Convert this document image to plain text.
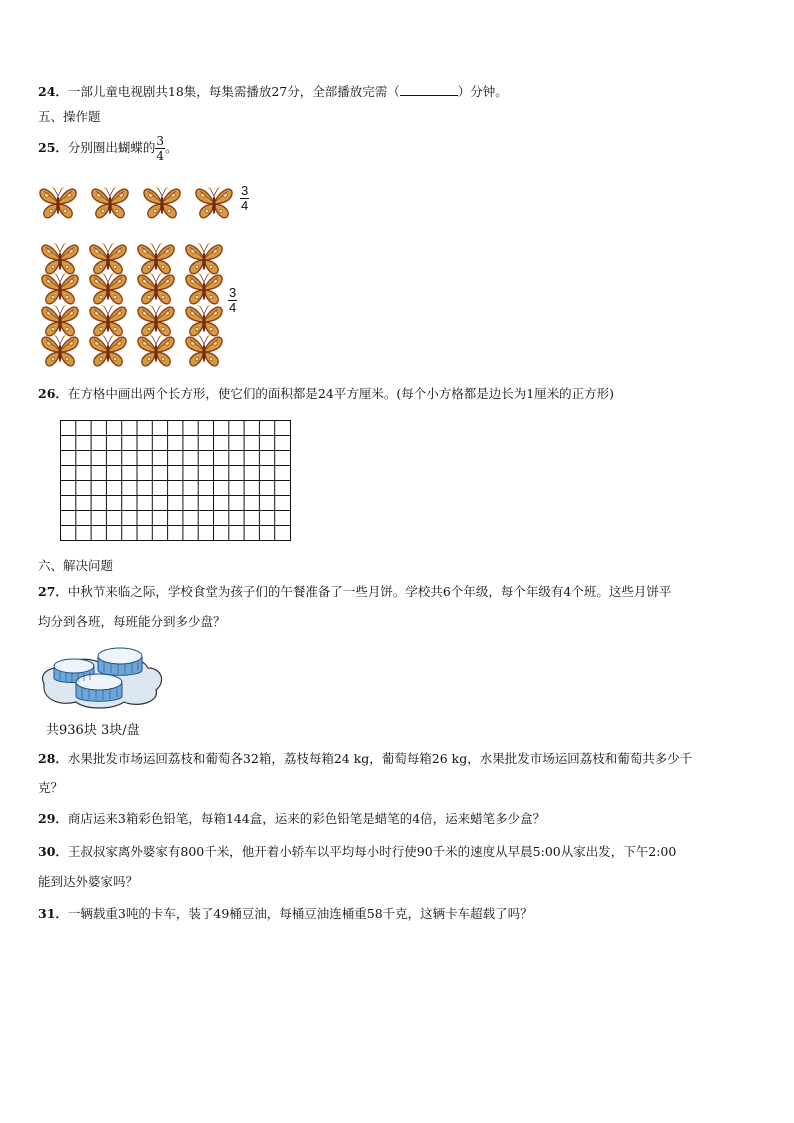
24．一部儿童电视剧共18集，每集需播放27分，全部播放完需（	）分钟。
五、操作题
25．分别圈出蝴蝶的 $\frac{3}{4}$ 。
$\frac{3}{4}$
$\frac{3}{4}$
26．在方格中画出两个长方形，使它们的面积都是24平方厘米。(每个小方格都是边长为1厘米的正方形)
六、解决问题
27．中秋节来临之际，学校食堂为孩子们的午餐准备了一些月饼。学校共6个年级，每个年级有4个班。这些月饼平
均分到各班，每班能分到多少盘？
共936块 3块/盘
28．水果批发市场运回荔枝和葡萄各32箱，荔枝每箱24 kg，葡萄每箱26 kg，水果批发市场运回荔枝和葡萄共多少千
克？
29．商店运来3箱彩色铅笔，每箱144盒，运来的彩色铅笔是蜡笔的4倍，运来蜡笔多少盒？
30．王叔叔家离外婆家有800千米，他开着小轿车以平均每小时行使90千米的速度从早晨5:00从家出发，下午2:00
能到达外婆家吗？
31．一辆载重3吨的卡车，装了49桶豆油，每桶豆油连桶重58千克，这辆卡车超载了吗？
